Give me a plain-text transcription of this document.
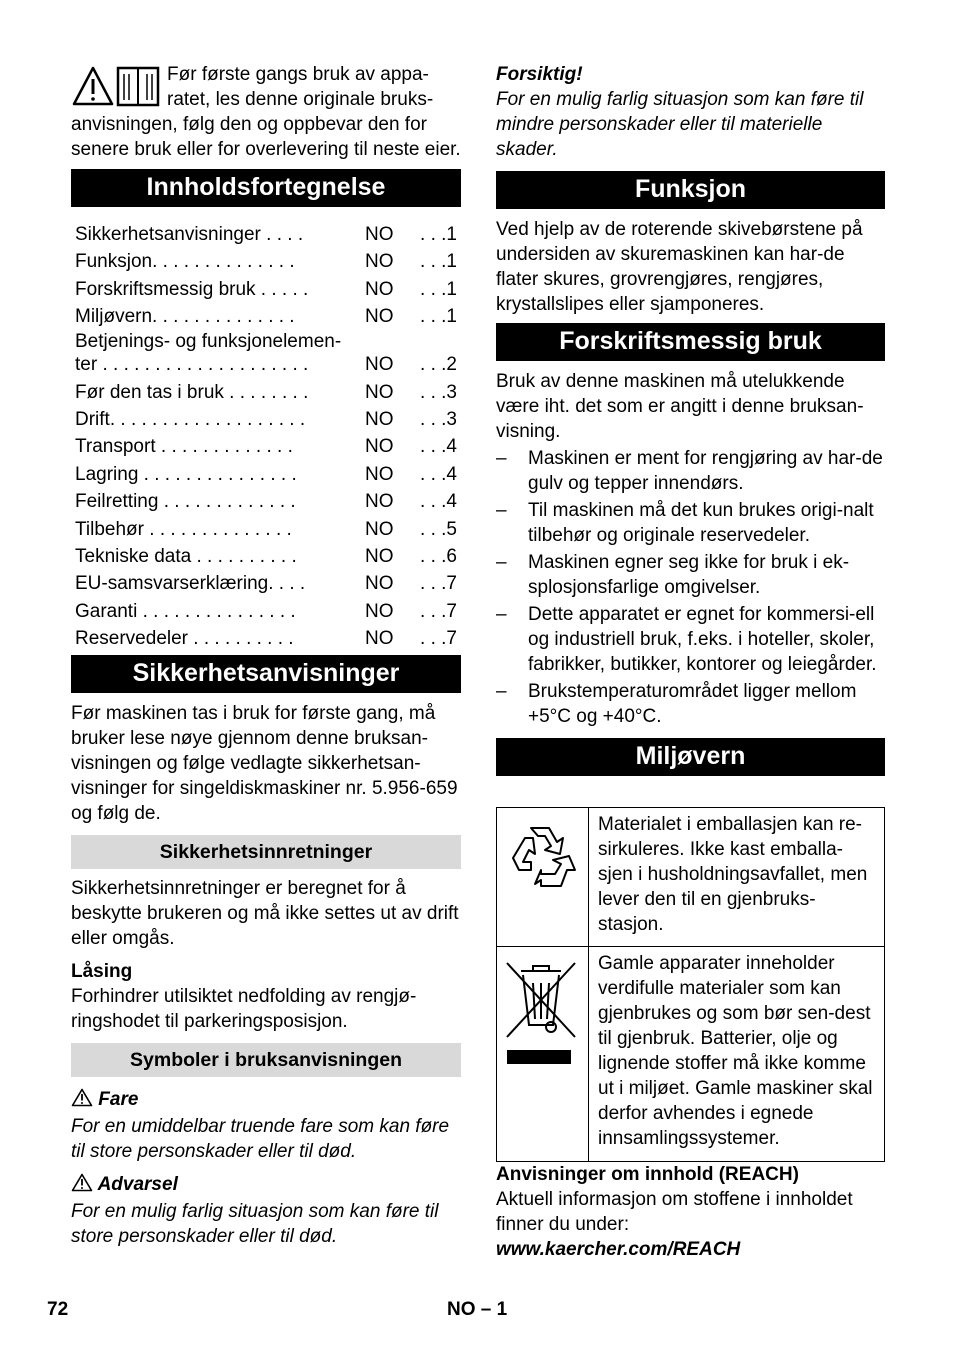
Før første gangs bruk av appa-

ratet, les denne originale bruks-

anvisningen, følg den og oppbevar den for senere bruk eller for overlevering til neste eier.

Innholdsfortegnelse
Sikkerhetsanvisninger . . . .	NO	. . .1
Funksjon. . . . . . . . . . . . . .	NO	. . .1
Forskriftsmessig bruk . . . . .	NO	. . .1
Miljøvern. . . . . . . . . . . . . .	NO	. . .1
Betjenings- og funksjonelemen-
ter . . . . . . . . . . . . . . . . . . . .	NO	. . .2
Før den tas i bruk . . . . . . . .	NO	. . .3
Drift. . . . . . . . . . . . . . . . . . .	NO	. . .3
Transport . . . . . . . . . . . . .	NO	. . .4
Lagring . . . . . . . . . . . . . . .	NO	. . .4
Feilretting . . . . . . . . . . . . .	NO	. . .4
Tilbehør . . . . . . . . . . . . . .	NO	. . .5
Tekniske data . . . . . . . . . .	NO	. . .6
EU-samsvarserklæring. . . .	NO	. . .7
Garanti . . . . . . . . . . . . . . .	NO	. . .7
Reservedeler . . . . . . . . . .	NO	. . .7
Sikkerhetsanvisninger

Før maskinen tas i bruk for første gang, må bruker lese nøye gjennom denne bruksan-visningen og følge vedlagte sikkerhetsan-visninger for singeldiskmaskiner nr. 5.956-659 og følg de.

Sikkerhetsinnretninger

Sikkerhetsinnretninger er beregnet for å beskytte brukeren og må ikke settes ut av drift eller omgås.

Låsing

Forhindrer utilsiktet nedfolding av rengjø-ringshodet til parkeringsposisjon.

Symboler i bruksanvisningen

Fare

For en umiddelbar truende fare som kan føre til store personskader eller til død.

Advarsel

For en mulig farlig situasjon som kan føre til store personskader eller til død.

Forsiktig!

For en mulig farlig situasjon som kan føre til mindre personskader eller til materielle skader.

Funksjon

Ved hjelp av de roterende skivebørstene på undersiden av skuremaskinen kan har-de flater skures, grovrengjøres, rengjøres, krystallslipes eller sjamponeres.

Forskriftsmessig bruk

Bruk av denne maskinen må utelukkende være iht. det som er angitt i denne bruksan-visning.

–	Maskinen er ment for rengjøring av har-de gulv og tepper innendørs.
–	Til maskinen må det kun brukes origi-nalt tilbehør og originale reservedeler.
–	Maskinen egner seg ikke for bruk i ek-splosjonsfarlige omgivelser.
–	Dette apparatet er egnet for kommersi-ell og industriell bruk, f.eks. i hoteller, skoler, fabrikker, butikker, kontorer og leiegårder.
–	Brukstemperaturområdet ligger mellom +5°C og +40°C.
Miljøvern
	Materialet i emballasjen kan re-sirkuleres. Ikke kast emballa-sjen i husholdningsavfallet, men lever den til en gjenbruks-stasjon.

	Gamle apparater inneholder verdifulle materialer som kan gjenbrukes og som bør sen-dest til gjenbruk. Batterier, olje og lignende stoffer må ikke komme ut i miljøet. Gamle maskiner skal derfor avhendes i egnede innsamlingssystemer.

Anvisninger om innhold (REACH)

Aktuell informasjon om stoffene i innholdet finner du under:

www.kaercher.com/REACH

72	NO – 1
